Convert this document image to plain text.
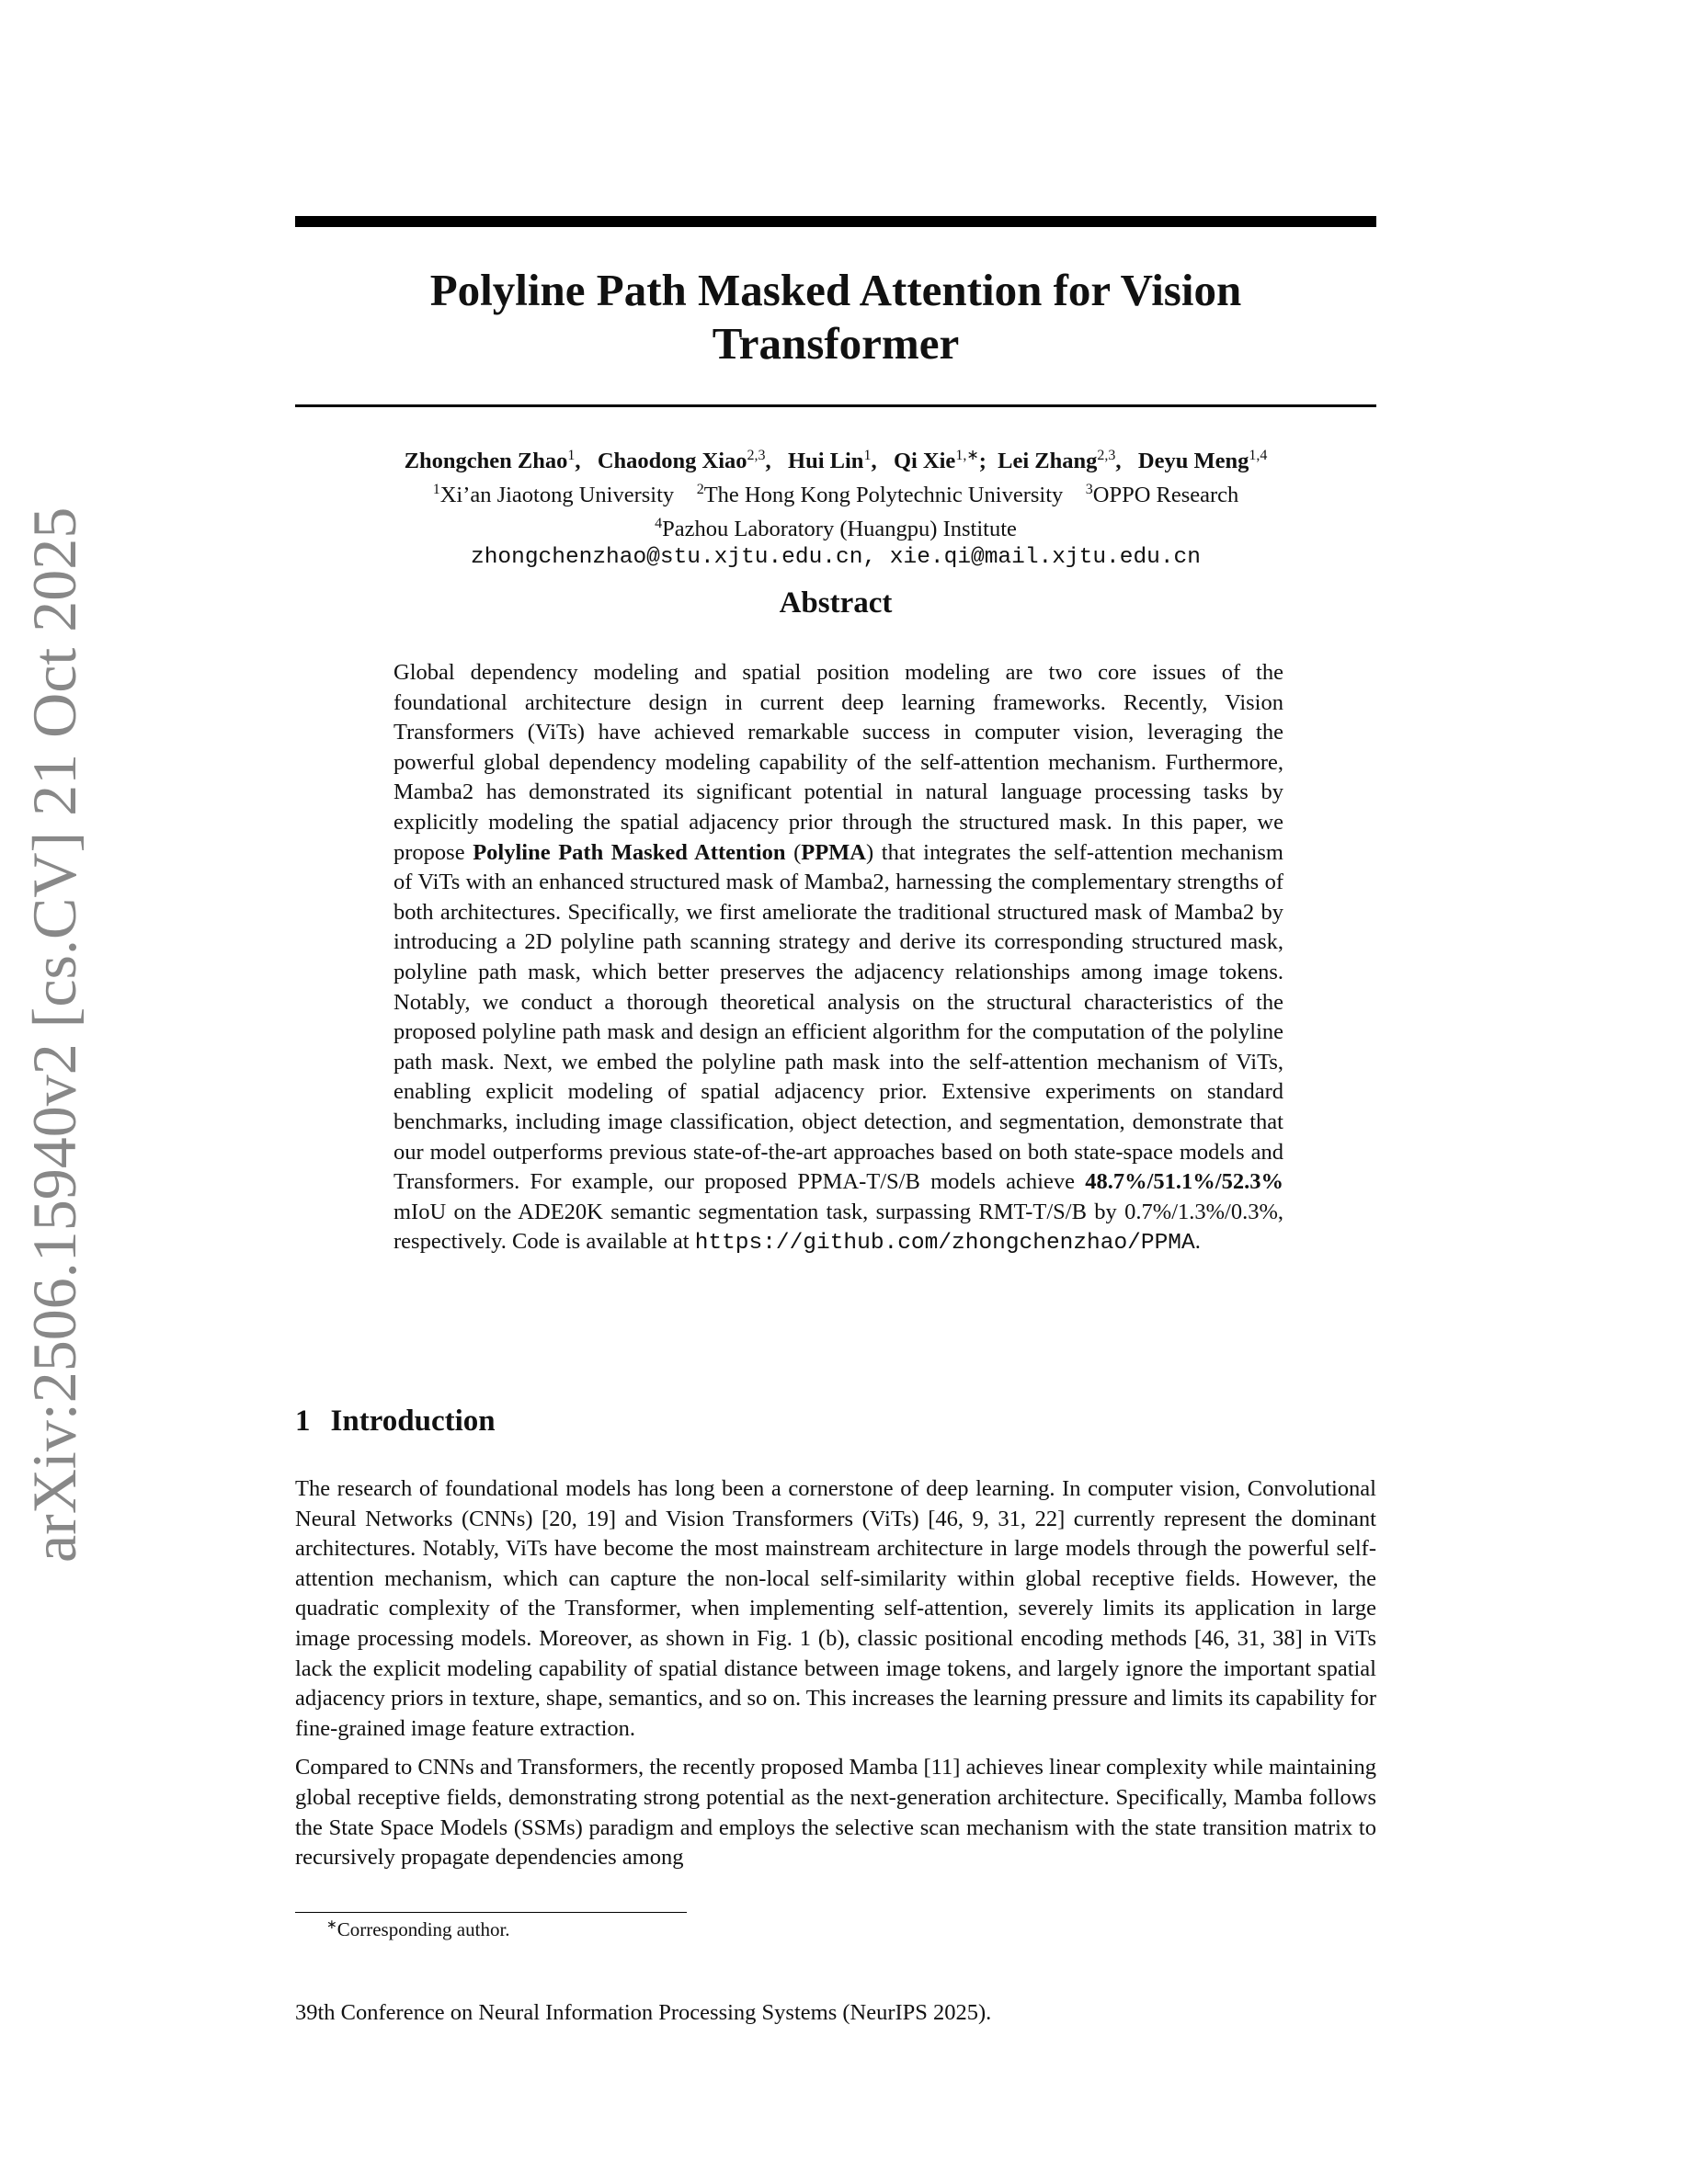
arXiv:2506.15940v2 [cs.CV] 21 Oct 2025
Polyline Path Masked Attention for Vision
Transformer
Zhongchen Zhao$^1$,   Chaodong Xiao$^{2,3}$,   Hui Lin$^1$,   Qi Xie$^{1,∗}$;  Lei Zhang$^{2,3}$,   Deyu Meng$^{1,4}$
$^1$Xi’an Jiaotong University $^2$The Hong Kong Polytechnic University $^3$OPPO Research
$^4$Pazhou Laboratory (Huangpu) Institute
zhongchenzhao@stu.xjtu.edu.cn, xie.qi@mail.xjtu.edu.cn
Abstract

Global dependency modeling and spatial position modeling are two core issues of the foundational architecture design in current deep learning frameworks. Recently, Vision Transformers (ViTs) have achieved remarkable success in computer vision, leveraging the powerful global dependency modeling capability of the self-attention mechanism. Furthermore, Mamba2 has demonstrated its significant potential in natural language processing tasks by explicitly modeling the spatial adjacency prior through the structured mask. In this paper, we propose Polyline Path Masked Attention (PPMA) that integrates the self-attention mechanism of ViTs with an enhanced structured mask of Mamba2, harnessing the complementary strengths of both architectures. Specifically, we first ameliorate the traditional structured mask of Mamba2 by introducing a 2D polyline path scanning strategy and derive its corresponding structured mask, polyline path mask, which better preserves the adjacency relationships among image tokens. Notably, we conduct a thorough theoretical analysis on the structural characteristics of the proposed polyline path mask and design an efficient algorithm for the computation of the polyline path mask. Next, we embed the polyline path mask into the self-attention mechanism of ViTs, enabling explicit modeling of spatial adjacency prior. Extensive experiments on standard benchmarks, including image classification, object detection, and segmentation, demonstrate that our model outperforms previous state-of-the-art approaches based on both state-space models and Transformers. For example, our proposed PPMA-T/S/B models achieve 48.7%/51.1%/52.3% mIoU on the ADE20K semantic segmentation task, surpassing RMT-T/S/B by 0.7%/1.3%/0.3%, respectively. Code is available at https://github.com/zhongchenzhao/PPMA.

1 Introduction

The research of foundational models has long been a cornerstone of deep learning. In computer vision, Convolutional Neural Networks (CNNs) [20, 19] and Vision Transformers (ViTs) [46, 9, 31, 22] currently represent the dominant architectures. Notably, ViTs have become the most mainstream architecture in large models through the powerful self-attention mechanism, which can capture the non-local self-similarity within global receptive fields. However, the quadratic complexity of the Transformer, when implementing self-attention, severely limits its application in large image processing models. Moreover, as shown in Fig. 1 (b), classic positional encoding methods [46, 31, 38] in ViTs lack the explicit modeling capability of spatial distance between image tokens, and largely ignore the important spatial adjacency priors in texture, shape, semantics, and so on. This increases the learning pressure and limits its capability for fine-grained image feature extraction.

Compared to CNNs and Transformers, the recently proposed Mamba [11] achieves linear complexity while maintaining global receptive fields, demonstrating strong potential as the next-generation architecture. Specifically, Mamba follows the State Space Models (SSMs) paradigm and employs the selective scan mechanism with the state transition matrix to recursively propagate dependencies among

∗Corresponding author.
39th Conference on Neural Information Processing Systems (NeurIPS 2025).
